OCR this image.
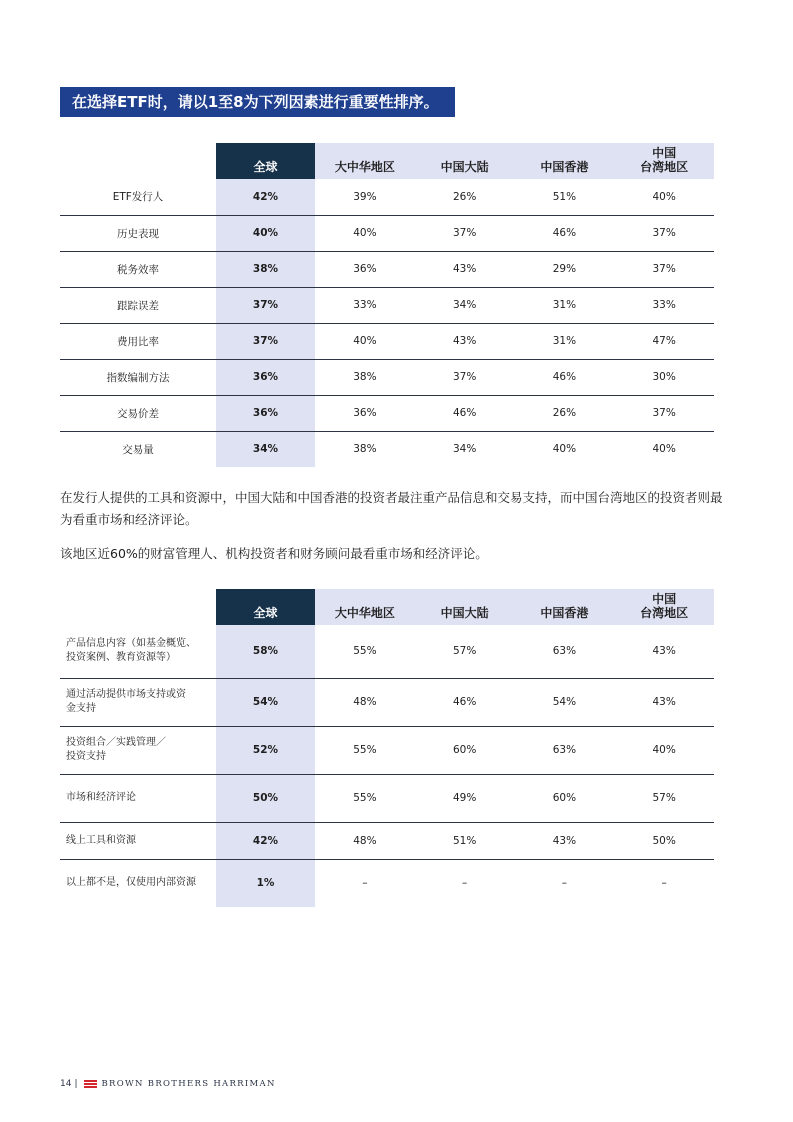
在选择ETF时，请以1至8为下列因素进行重要性排序。
	全球	大中华地区	中国大陆	中国香港	中国
台湾地区
ETF发行人	42%	39%	26%	51%	40%
历史表现	40%	40%	37%	46%	37%
税务效率	38%	36%	43%	29%	37%
跟踪误差	37%	33%	34%	31%	33%
费用比率	37%	40%	43%	31%	47%
指数编制方法	36%	38%	37%	46%	30%
交易价差	36%	36%	46%	26%	37%
交易量	34%	38%	34%	40%	40%

在发行人提供的工具和资源中，中国大陆和中国香港的投资者最注重产品信息和交易支持，而中国台湾地区的投资者则最为看重市场和经济评论。

该地区近60%的财富管理人、机构投资者和财务顾问最看重市场和经济评论。

	全球	大中华地区	中国大陆	中国香港	中国
台湾地区
产品信息内容（如基金概览、
投资案例、教育资源等）	58%	55%	57%	63%	43%
通过活动提供市场支持或资
金支持	54%	48%	46%	54%	43%
投资组合／实践管理／
投资支持	52%	55%	60%	63%	40%
市场和经济评论	50%	55%	49%	60%	57%
线上工具和资源	42%	48%	51%	43%	50%
以上都不是，仅使用内部资源	1%	–	–	–	–
14 |	BROWN BROTHERS HARRIMAN
